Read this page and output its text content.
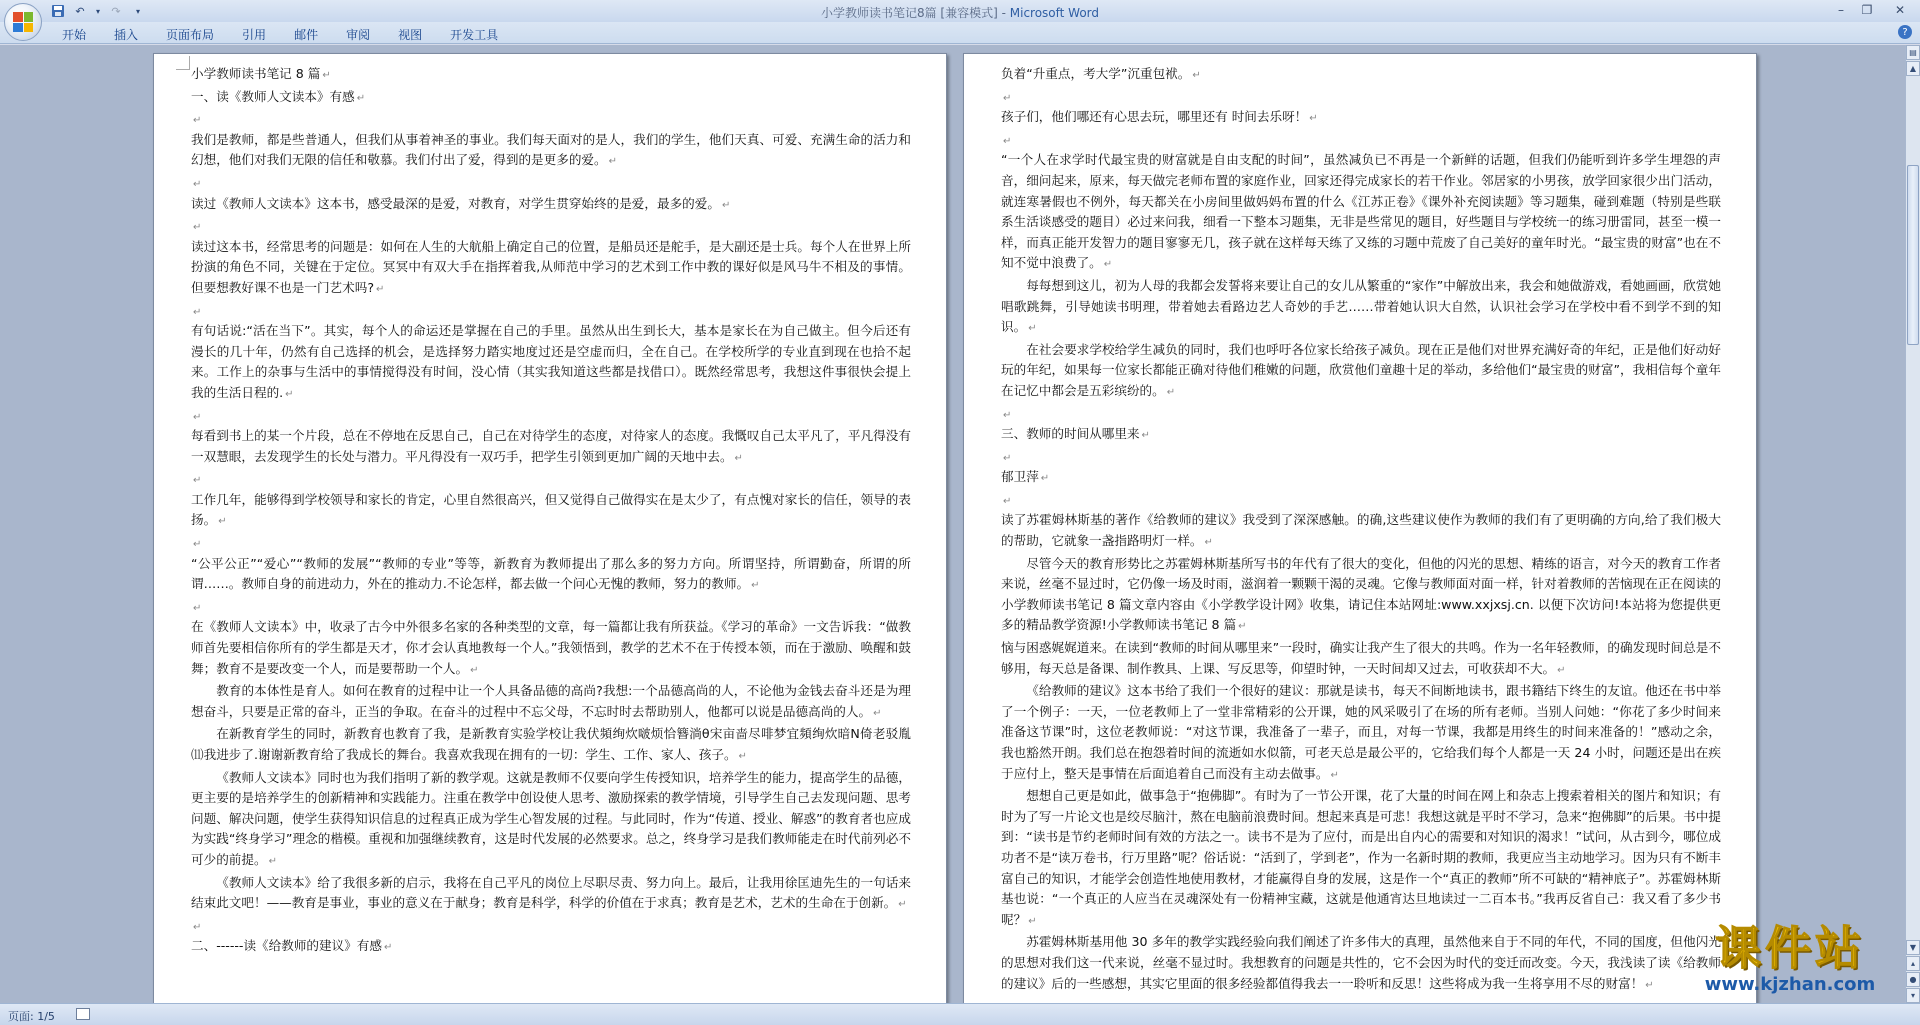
↶	▾	↷	▾	小学教师读书笔记8篇 [兼容模式] - Microsoft Word	–	❐	✕
开始	插入	页面布局	引用	邮件	审阅	视图	开发工具	?
小学教师读书笔记 8 篇 ↵
一、读《教师人文读本》有感 ↵
↵
我们是教师，都是些普通人，但我们从事着神圣的事业。我们每天面对的是人，我们的学生，他们天真、可爱、充满生命的活力和幻想，他们对我们无限的信任和敬慕。我们付出了爱，得到的是更多的爱。 ↵
↵
读过《教师人文读本》这本书，感受最深的是爱，对教育，对学生贯穿始终的是爱，最多的爱。 ↵
↵
读过这本书，经常思考的问题是：如何在人生的大航船上确定自己的位置，是船员还是舵手，是大副还是士兵。每个人在世界上所扮演的角色不同，关键在于定位。冥冥中有双大手在指挥着我,从师范中学习的艺术到工作中教的课好似是风马牛不相及的事情。但要想教好课不也是一门艺术吗? ↵
↵
有句话说:“活在当下”。其实，每个人的命运还是掌握在自己的手里。虽然从出生到长大，基本是家长在为自己做主。但今后还有漫长的几十年，仍然有自己选择的机会，是选择努力踏实地度过还是空虚而归，全在自己。在学校所学的专业直到现在也拾不起来。工作上的杂事与生活中的事情搅得没有时间，没心情（其实我知道这些都是找借口）。既然经常思考，我想这件事很快会提上我的生活日程的. ↵
↵
每看到书上的某一个片段，总在不停地在反思自己，自己在对待学生的态度，对待家人的态度。我慨叹自己太平凡了，平凡得没有一双慧眼，去发现学生的长处与潜力。平凡得没有一双巧手，把学生引领到更加广阔的天地中去。 ↵
↵
工作几年，能够得到学校领导和家长的肯定，心里自然很高兴，但又觉得自己做得实在是太少了，有点愧对家长的信任，领导的表扬。 ↵
↵
“公平公正”“爱心”“教师的发展”“教师的专业”等等，新教育为教师提出了那么多的努力方向。所谓坚持，所谓勤奋，所谓的所谓……。教师自身的前进动力，外在的推动力.不论怎样，都去做一个问心无愧的教师，努力的教师。 ↵
↵
在《教师人文读本》中，收录了古今中外很多名家的各种类型的文章，每一篇都让我有所获益。《学习的革命》一文告诉我：“做教师首先要相信你所有的学生都是天才，你才会认真地教每一个人。”我领悟到，教学的艺术不在于传授本领，而在于激励、唤醒和鼓舞；教育不是要改变一个人，而是要帮助一个人。 ↵
教育的本体性是育人。如何在教育的过程中让一个人具备品德的高尚?我想:一个品德高尚的人，不论他为金钱去奋斗还是为理想奋斗，只要是正常的奋斗，正当的争取。在奋斗的过程中不忘父母，不忘时时去帮助别人，他都可以说是品德高尚的人。 ↵
在新教育学生的同时，新教育也教育了我，是新教育实验学校让我伏頻绚炊啵烦恰簪淌θ宋亩啬尽啡梦宜頻绚炊暗N倚老驳胤⑾我进步了.谢谢新教育给了我成长的舞台。我喜欢我现在拥有的一切：学生、工作、家人、孩子。 ↵
《教师人文读本》同时也为我们指明了新的教学观。这就是教师不仅要向学生传授知识，培养学生的能力，提高学生的品德，更主要的是培养学生的创新精神和实践能力。注重在教学中创设使人思考、激励探索的教学情境，引导学生自己去发现问题、思考问题、解决问题，使学生获得知识信息的过程真正成为学生心智发展的过程。与此同时，作为“传道、授业、解惑”的教育者也应成为实践“终身学习”理念的楷模。重视和加强继续教育，这是时代发展的必然要求。总之，终身学习是我们教师能走在时代前列必不可少的前提。 ↵
《教师人文读本》给了我很多新的启示，我将在自己平凡的岗位上尽职尽责、努力向上。最后，让我用徐匡迪先生的一句话来结束此文吧！——教育是事业，事业的意义在于献身；教育是科学，科学的价值在于求真；教育是艺术，艺术的生命在于创新。 ↵
↵
二、------读《给教师的建议》有感 ↵
负着“升重点，考大学”沉重包袱。 ↵
↵
孩子们，他们哪还有心思去玩，哪里还有 时间去乐呀！ ↵
↵
“一个人在求学时代最宝贵的财富就是自由支配的时间”，虽然减负已不再是一个新鲜的话题，但我们仍能听到许多学生埋怨的声音，细问起来，原来，每天做完老师布置的家庭作业，回家还得完成家长的若干作业。邻居家的小男孩，放学回家很少出门活动，就连寒暑假也不例外，每天都关在小房间里做妈妈布置的什么《江苏正卷》《课外补充阅读题》等习题集，碰到难题（特别是些联系生活谈感受的题目）必过来问我，细看一下整本习题集，无非是些常见的题目，好些题目与学校统一的练习册雷同，甚至一模一样，而真正能开发智力的题目寥寥无几，孩子就在这样每天练了又练的习题中荒废了自己美好的童年时光。“最宝贵的财富”也在不知不觉中浪费了。 ↵
每每想到这儿，初为人母的我都会发誓将来要让自己的女儿从繁重的“家作”中解放出来，我会和她做游戏，看她画画，欣赏她唱歌跳舞，引导她读书明理，带着她去看路边艺人奇妙的手艺……带着她认识大自然，认识社会学习在学校中看不到学不到的知识。 ↵
在社会要求学校给学生减负的同时，我们也呼吁各位家长给孩子减负。现在正是他们对世界充满好奇的年纪，正是他们好动好玩的年纪，如果每一位家长都能正确对待他们稚嫩的问题，欣赏他们童趣十足的举动，多给他们“最宝贵的财富”，我相信每个童年在记忆中都会是五彩缤纷的。 ↵
↵
三、教师的时间从哪里来 ↵
↵
郁卫萍 ↵
↵
读了苏霍姆林斯基的著作《给教师的建议》我受到了深深感触。的确,这些建议使作为教师的我们有了更明确的方向,给了我们极大的帮助，它就象一盏指路明灯一样。 ↵
尽管今天的教育形势比之苏霍姆林斯基所写书的年代有了很大的变化，但他的闪光的思想、精练的语言，对今天的教育工作者来说，丝毫不显过时，它仍像一场及时雨，滋润着一颗颗干渴的灵魂。它像与教师面对面一样，针对着教师的苦恼现在正在阅读的小学教师读书笔记 8 篇文章内容由《小学教学设计网》收集，请记住本站网址:www.xxjxsj.cn. 以便下次访问!本站将为您提供更多的精品教学资源!小学教师读书笔记 8 篇 ↵
恼与困惑娓娓道来。在读到“教师的时间从哪里来”一段时，确实让我产生了很大的共鸣。作为一名年轻教师，的确发现时间总是不够用，每天总是备课、制作教具、上课、写反思等，仰望时钟，一天时间却又过去，可收获却不大。 ↵
《给教师的建议》这本书给了我们一个很好的建议：那就是读书，每天不间断地读书，跟书籍结下终生的友谊。他还在书中举了一个例子：一天，一位老教师上了一堂非常精彩的公开课，她的风采吸引了在场的所有老师。当别人问她：“你花了多少时间来准备这节课”时，这位老教师说：“对这节课，我准备了一辈子，而且，对每一节课，我都是用终生的时间来准备的！”感动之余，我也豁然开朗。我们总在抱怨着时间的流逝如水似箭，可老天总是最公平的，它给我们每个人都是一天 24 小时，问题还是出在疾于应付上，整天是事情在后面追着自己而没有主动去做事。 ↵
想想自己更是如此，做事急于“抱佛脚”。有时为了一节公开课，花了大量的时间在网上和杂志上搜索着相关的图片和知识；有时为了写一片论文也是绞尽脑汁，熬在电脑前浪费时间。想起来真是可悲！我想这就是平时不学习，急来“抱佛脚”的后果。书中提到：“读书是节约老师时间有效的方法之一。读书不是为了应付，而是出自内心的需要和对知识的渴求！”试问，从古到今，哪位成功者不是“读万卷书，行万里路”呢？俗话说：“活到了，学到老”，作为一名新时期的教师，我更应当主动地学习。因为只有不断丰富自己的知识，才能学会创造性地使用教材，才能赢得自身的发展，这是作一个“真正的教师”所不可缺的“精神底子”。苏霍姆林斯基也说：“一个真正的人应当在灵魂深处有一份精神宝藏，这就是他通宵达旦地读过一二百本书。”我再反省自己：我又看了多少书呢？ ↵
苏霍姆林斯基用他 30 多年的教学实践经验向我们阐述了许多伟大的真理，虽然他来自于不同的年代，不同的国度，但他闪光的思想对我们这一代来说，丝毫不显过时。我想教育的问题是共性的，它不会因为时代的变迁而改变。今天，我浅读了读《给教师的建议》后的一些感想，其实它里面的很多经验都值得我去一一聆听和反思！这些将成为我一生将享用不尽的财富！ ↵
▤
▲
▼
▴
●
▾
页面: 1/5
课件站
www.kjzhan.com
